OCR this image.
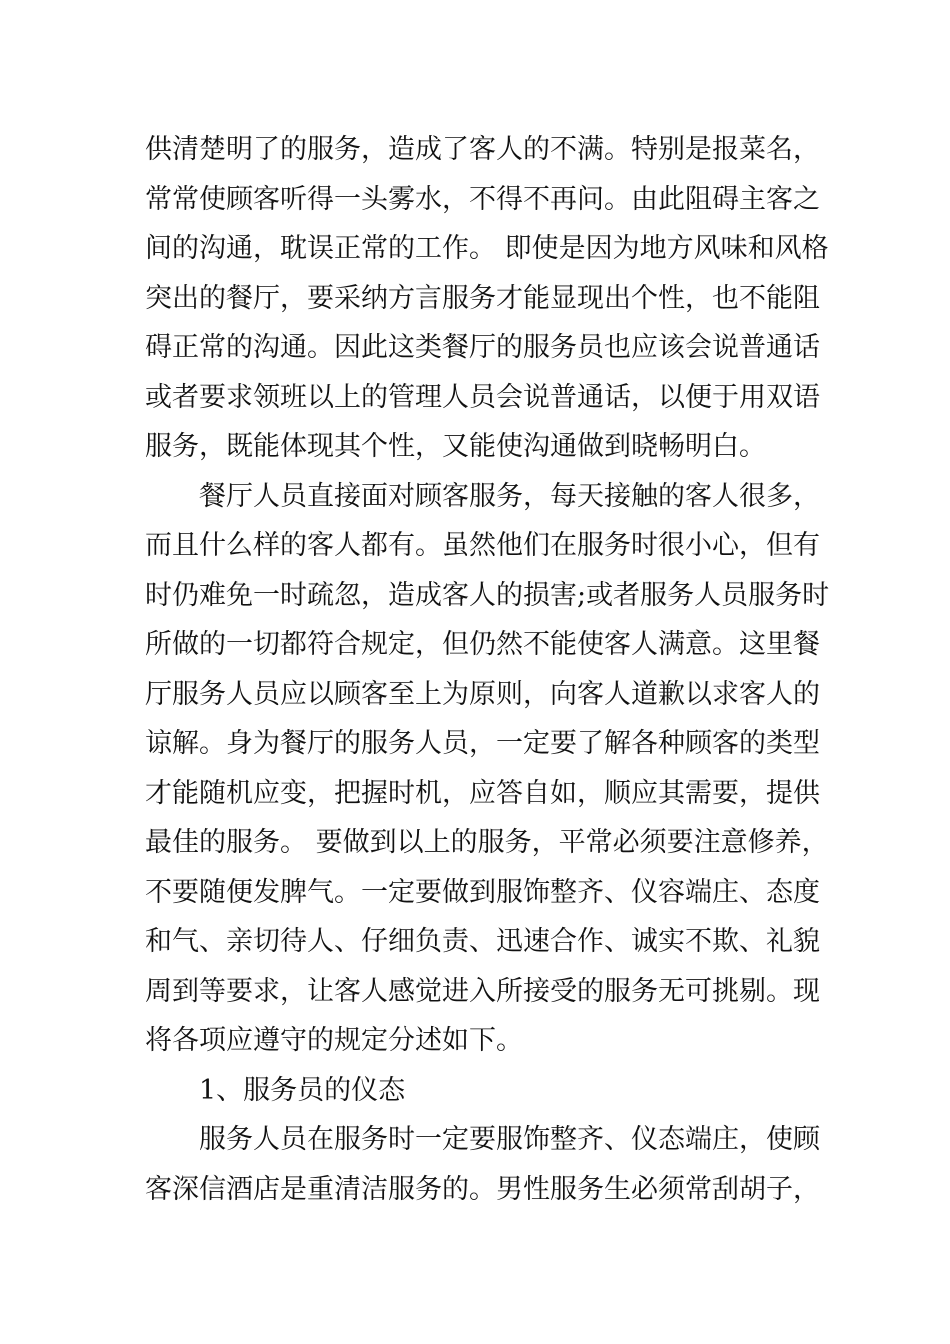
供清楚明了的服务，造成了客人的不满。特别是报菜名，
常常使顾客听得一头雾水，不得不再问。由此阻碍主客之
间的沟通，耽误正常的工作。 即使是因为地方风味和风格
突出的餐厅，要采纳方言服务才能显现出个性，也不能阻
碍正常的沟通。因此这类餐厅的服务员也应该会说普通话
或者要求领班以上的管理人员会说普通话，以便于用双语
服务，既能体现其个性，又能使沟通做到晓畅明白。
餐厅人员直接面对顾客服务，每天接触的客人很多，
而且什么样的客人都有。虽然他们在服务时很小心，但有
时仍难免一时疏忽，造成客人的损害;或者服务人员服务时
所做的一切都符合规定，但仍然不能使客人满意。这里餐
厅服务人员应以顾客至上为原则，向客人道歉以求客人的
谅解。身为餐厅的服务人员，一定要了解各种顾客的类型
才能随机应变，把握时机，应答自如，顺应其需要，提供
最佳的服务。 要做到以上的服务，平常必须要注意修养，
不要随便发脾气。一定要做到服饰整齐、仪容端庄、态度
和气、亲切待人、仔细负责、迅速合作、诚实不欺、礼貌
周到等要求，让客人感觉进入所接受的服务无可挑剔。现
将各项应遵守的规定分述如下。
1、服务员的仪态
服务人员在服务时一定要服饰整齐、仪态端庄，使顾
客深信酒店是重清洁服务的。男性服务生必须常刮胡子，
